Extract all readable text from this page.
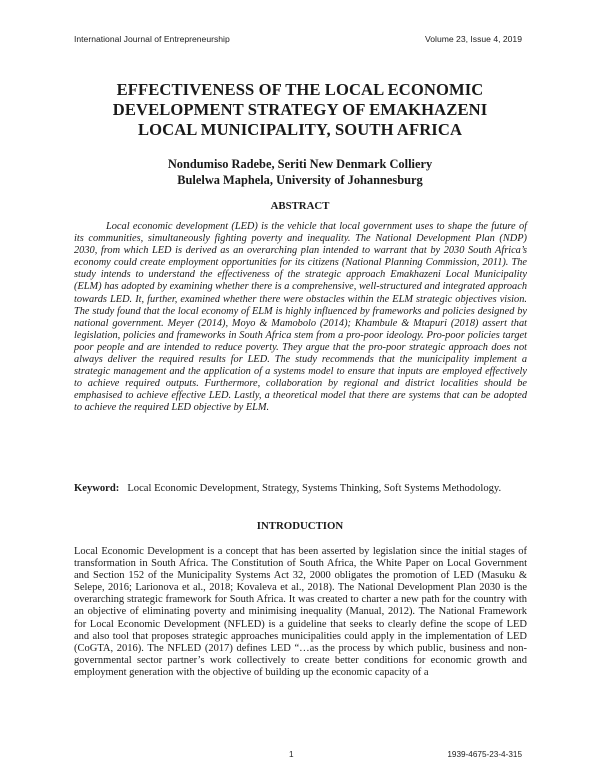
International Journal of Entrepreneurship	Volume 23, Issue 4, 2019
EFFECTIVENESS OF THE LOCAL ECONOMIC
DEVELOPMENT STRATEGY OF EMAKHAZENI
LOCAL MUNICIPALITY, SOUTH AFRICA
Nondumiso Radebe, Seriti New Denmark Colliery
Bulelwa Maphela, University of Johannesburg
ABSTRACT

Local economic development (LED) is the vehicle that local government uses to shape the future of its communities, simultaneously fighting poverty and inequality. The National Development Plan (NDP) 2030, from which LED is derived as an overarching plan intended to warrant that by 2030 South Africa’s economy could create employment opportunities for its citizens (National Planning Commission, 2011). The study intends to understand the effectiveness of the strategic approach Emakhazeni Local Municipality (ELM) has adopted by examining whether there is a comprehensive, well-structured and integrated approach towards LED. It, further, examined whether there were obstacles within the ELM strategic objectives vision. The study found that the local economy of ELM is highly influenced by frameworks and policies designed by national government. Meyer (2014), Moyo & Mamobolo (2014); Khambule & Mtapuri (2018) assert that legislation, policies and frameworks in South Africa stem from a pro-poor ideology. Pro-poor policies target poor people and are intended to reduce poverty. They argue that the pro-poor strategic approach does not always deliver the required results for LED. The study recommends that the municipality implement a strategic management and the application of a systems model to ensure that inputs are employed effectively to achieve required outputs. Furthermore, collaboration by regional and district localities should be emphasised to achieve effective LED. Lastly, a theoretical model that there are systems that can be adopted to achieve the required LED objective by ELM.

Keyword: Local Economic Development, Strategy, Systems Thinking, Soft Systems Methodology.
INTRODUCTION

Local Economic Development is a concept that has been asserted by legislation since the initial stages of transformation in South Africa. The Constitution of South Africa, the White Paper on Local Government and Section 152 of the Municipality Systems Act 32, 2000 obligates the promotion of LED (Masuku & Selepe, 2016; Larionova et al., 2018; Kovaleva et al., 2018). The National Development Plan 2030 is the overarching strategic framework for South Africa. It was created to charter a new path for the country with an objective of eliminating poverty and minimising inequality (Manual, 2012). The National Framework for Local Economic Development (NFLED) is a guideline that seeks to clearly define the scope of LED and also tool that proposes strategic approaches municipalities could apply in the implementation of LED (CoGTA, 2016). The NFLED (2017) defines LED “…as the process by which public, business and non-governmental sector partner’s work collectively to create better conditions for economic growth and employment generation with the objective of building up the economic capacity of a

1	1939-4675-23-4-315
